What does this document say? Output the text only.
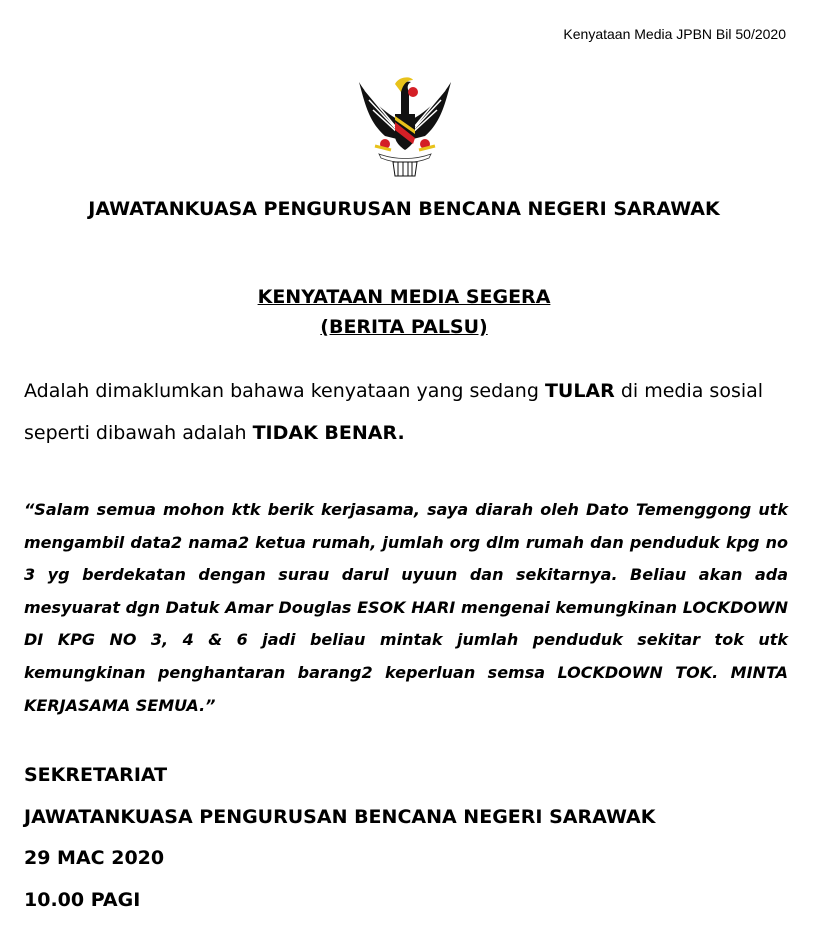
Kenyataan Media JPBN Bil 50/2020
JAWATANKUASA PENGURUSAN BENCANA NEGERI SARAWAK
KENYATAAN MEDIA SEGERA
(BERITA PALSU)
Adalah dimaklumkan bahawa kenyataan yang sedang TULAR di media sosial seperti dibawah adalah TIDAK BENAR.
“Salam semua mohon ktk berik kerjasama, saya diarah oleh Dato Temenggong utk mengambil data2 nama2 ketua rumah, jumlah org dlm rumah dan penduduk kpg no 3 yg berdekatan dengan surau darul uyuun dan sekitarnya. Beliau akan ada mesyuarat dgn Datuk Amar Douglas ESOK HARI mengenai kemungkinan LOCKDOWN DI KPG NO 3, 4 & 6 jadi beliau mintak jumlah penduduk sekitar tok utk kemungkinan penghantaran barang2 keperluan semsa LOCKDOWN TOK. MINTA KERJASAMA SEMUA.”
SEKRETARIAT
JAWATANKUASA PENGURUSAN BENCANA NEGERI SARAWAK
29 MAC 2020
10.00 PAGI
